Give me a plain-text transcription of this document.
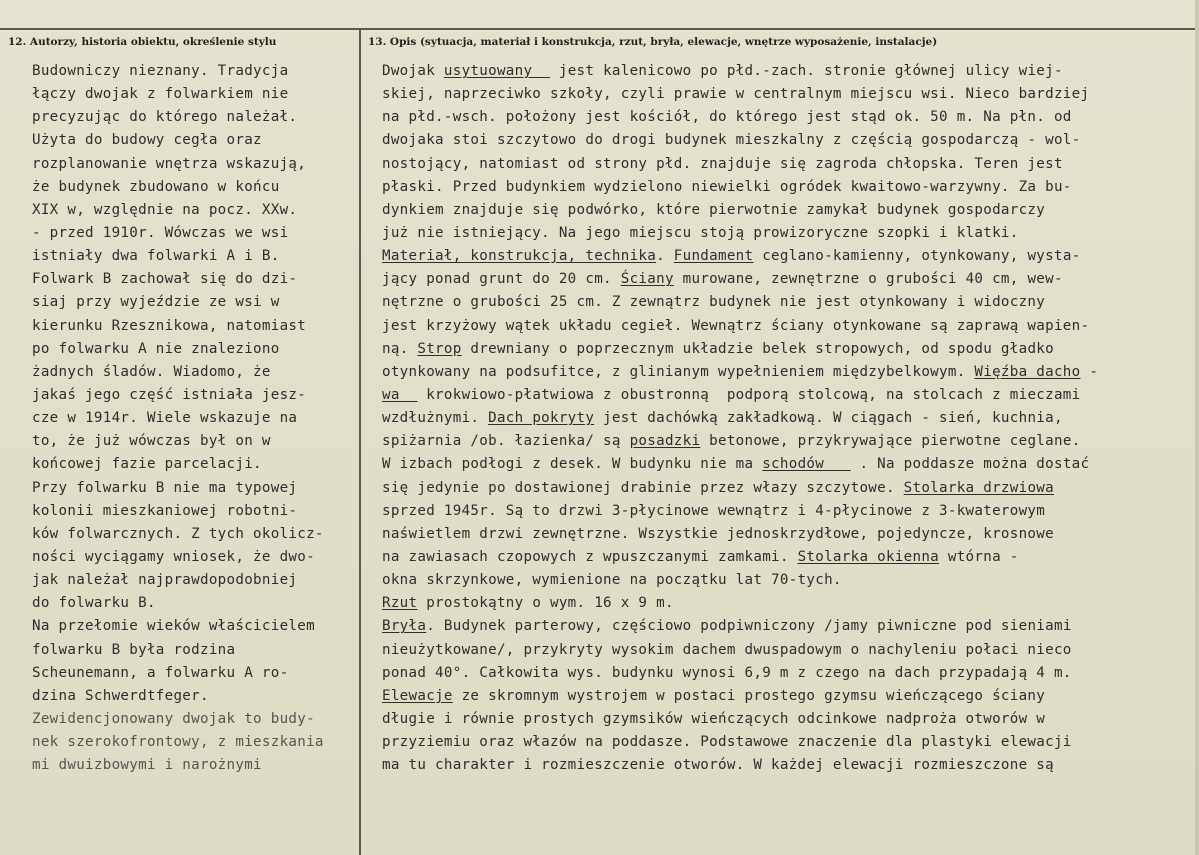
12. Autorzy, historia obiektu, określenie stylu	13. Opis (sytuacja, materiał i konstrukcja, rzut, bryła, elewacje, wnętrze wyposażenie, instalacje)
Budowniczy nieznany. Tradycja
łączy dwojak z folwarkiem nie
precyzując do którego należał.
Użyta do budowy cegła oraz
rozplanowanie wnętrza wskazują,
że budynek zbudowano w końcu
XIX w, względnie na pocz. XXw.
- przed 1910r. Wówczas we wsi
istniały dwa folwarki A i B.
Folwark B zachował się do dzi-
siaj przy wyjeździe ze wsi w
kierunku Rzesznikowa, natomiast
po folwarku A nie znaleziono
żadnych śladów. Wiadomo, że
jakaś jego część istniała jesz-
cze w 1914r. Wiele wskazuje na
to, że już wówczas był on w
końcowej fazie parcelacji.
Przy folwarku B nie ma typowej
kolonii mieszkaniowej robotni-
ków folwarcznych. Z tych okolicz-
ności wyciągamy wniosek, że dwo-
jak należał najprawdopodobniej
do folwarku B.
Na przełomie wieków właścicielem
folwarku B była rodzina
Scheunemann, a folwarku A ro-
dzina Schwerdtfeger.
Zewidencjonowany dwojak to budy-
nek szerokofrontowy, z mieszkania
mi dwuizbowymi i narożnymi
Dwojak usytuowany   jest kalenicowo po płd.-zach. stronie głównej ulicy wiej-
skiej, naprzeciwko szkoły, czyli prawie w centralnym miejscu wsi. Nieco bardziej
na płd.-wsch. położony jest kościół, do którego jest stąd ok. 50 m. Na płn. od
dwojaka stoi szczytowo do drogi budynek mieszkalny z częścią gospodarczą - wol-
nostojący, natomiast od strony płd. znajduje się zagroda chłopska. Teren jest
płaski. Przed budynkiem wydzielono niewielki ogródek kwaitowo-warzywny. Za bu-
dynkiem znajduje się podwórko, które pierwotnie zamykał budynek gospodarczy
już nie istniejący. Na jego miejscu stoją prowizoryczne szopki i klatki.
Materiał, konstrukcja, technika. Fundament ceglano-kamienny, otynkowany, wysta-
jący ponad grunt do 20 cm. Ściany murowane, zewnętrzne o grubości 40 cm, wew-
nętrzne o grubości 25 cm. Z zewnątrz budynek nie jest otynkowany i widoczny
jest krzyżowy wątek układu cegieł. Wewnątrz ściany otynkowane są zaprawą wapien-
ną. Strop drewniany o poprzecznym układzie belek stropowych, od spodu gładko
otynkowany na podsufitce, z glinianym wypełnieniem międzybelkowym. Więźba dacho -
wa   krokwiowo-płatwiowa z obustronną  podporą stolcową, na stolcach z mieczami
wzdłużnymi. Dach pokryty jest dachówką zakładkową. W ciągach - sień, kuchnia,
spiżarnia /ob. łazienka/ są posadzki betonowe, przykrywające pierwotne ceglane.
W izbach podłogi z desek. W budynku nie ma schodów    . Na poddasze można dostać
się jedynie po dostawionej drabinie przez włazy szczytowe. Stolarka drzwiowa
sprzed 1945r. Są to drzwi 3-płycinowe wewnątrz i 4-płycinowe z 3-kwaterowym
naświetlem drzwi zewnętrzne. Wszystkie jednoskrzydłowe, pojedyncze, krosnowe
na zawiasach czopowych z wpuszczanymi zamkami. Stolarka okienna wtórna -
okna skrzynkowe, wymienione na początku lat 70-tych.
Rzut prostokątny o wym. 16 x 9 m.
Bryła. Budynek parterowy, częściowo podpiwniczony /jamy piwniczne pod sieniami
nieużytkowane/, przykryty wysokim dachem dwuspadowym o nachyleniu połaci nieco
ponad 40°. Całkowita wys. budynku wynosi 6,9 m z czego na dach przypadają 4 m.
Elewacje ze skromnym wystrojem w postaci prostego gzymsu wieńczącego ściany
długie i równie prostych gzymsików wieńczących odcinkowe nadproża otworów w
przyziemiu oraz włazów na poddasze. Podstawowe znaczenie dla plastyki elewacji
ma tu charakter i rozmieszczenie otworów. W każdej elewacji rozmieszczone są
